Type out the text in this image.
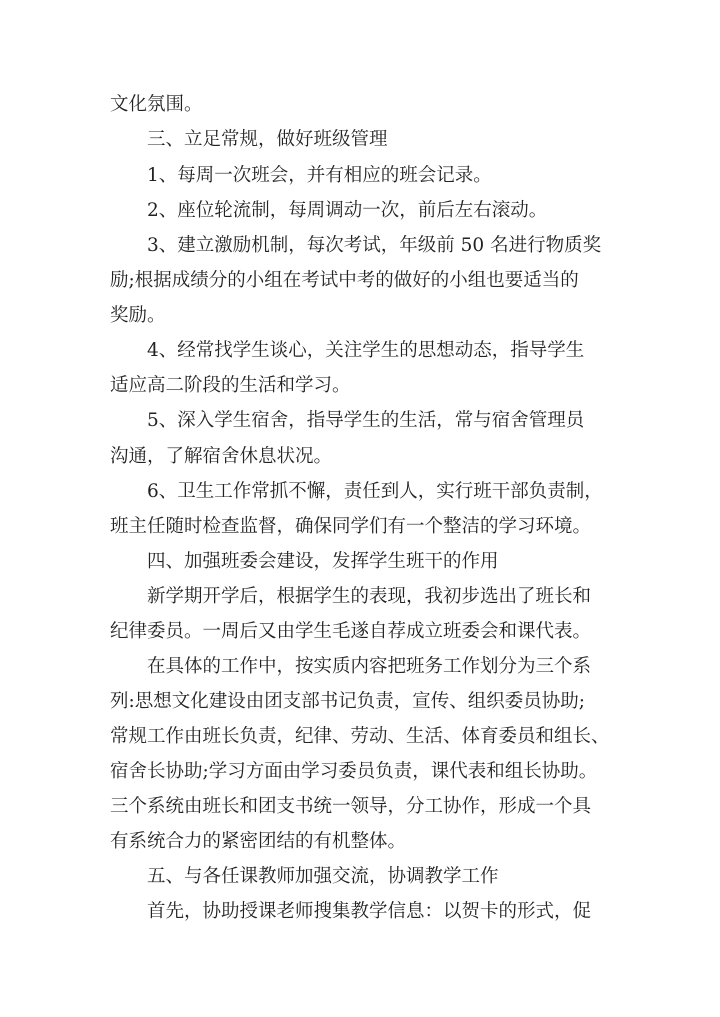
文化氛围。
三、立足常规，做好班级管理
1、每周一次班会，并有相应的班会记录。
2、座位轮流制，每周调动一次，前后左右滚动。
3、建立激励机制，每次考试，年级前 50 名进行物质奖
励;根据成绩分的小组在考试中考的做好的小组也要适当的
奖励。
4、经常找学生谈心，关注学生的思想动态，指导学生
适应高二阶段的生活和学习。
5、深入学生宿舍，指导学生的生活，常与宿舍管理员
沟通，了解宿舍休息状况。
6、卫生工作常抓不懈，责任到人，实行班干部负责制，
班主任随时检查监督，确保同学们有一个整洁的学习环境。
四、加强班委会建设，发挥学生班干的作用
新学期开学后，根据学生的表现，我初步选出了班长和
纪律委员。一周后又由学生毛遂自荐成立班委会和课代表。
在具体的工作中，按实质内容把班务工作划分为三个系
列:思想文化建设由团支部书记负责，宣传、组织委员协助;
常规工作由班长负责，纪律、劳动、生活、体育委员和组长、
宿舍长协助;学习方面由学习委员负责，课代表和组长协助。
三个系统由班长和团支书统一领导，分工协作，形成一个具
有系统合力的紧密团结的有机整体。
五、与各任课教师加强交流，协调教学工作
首先，协助授课老师搜集教学信息：以贺卡的形式，促
